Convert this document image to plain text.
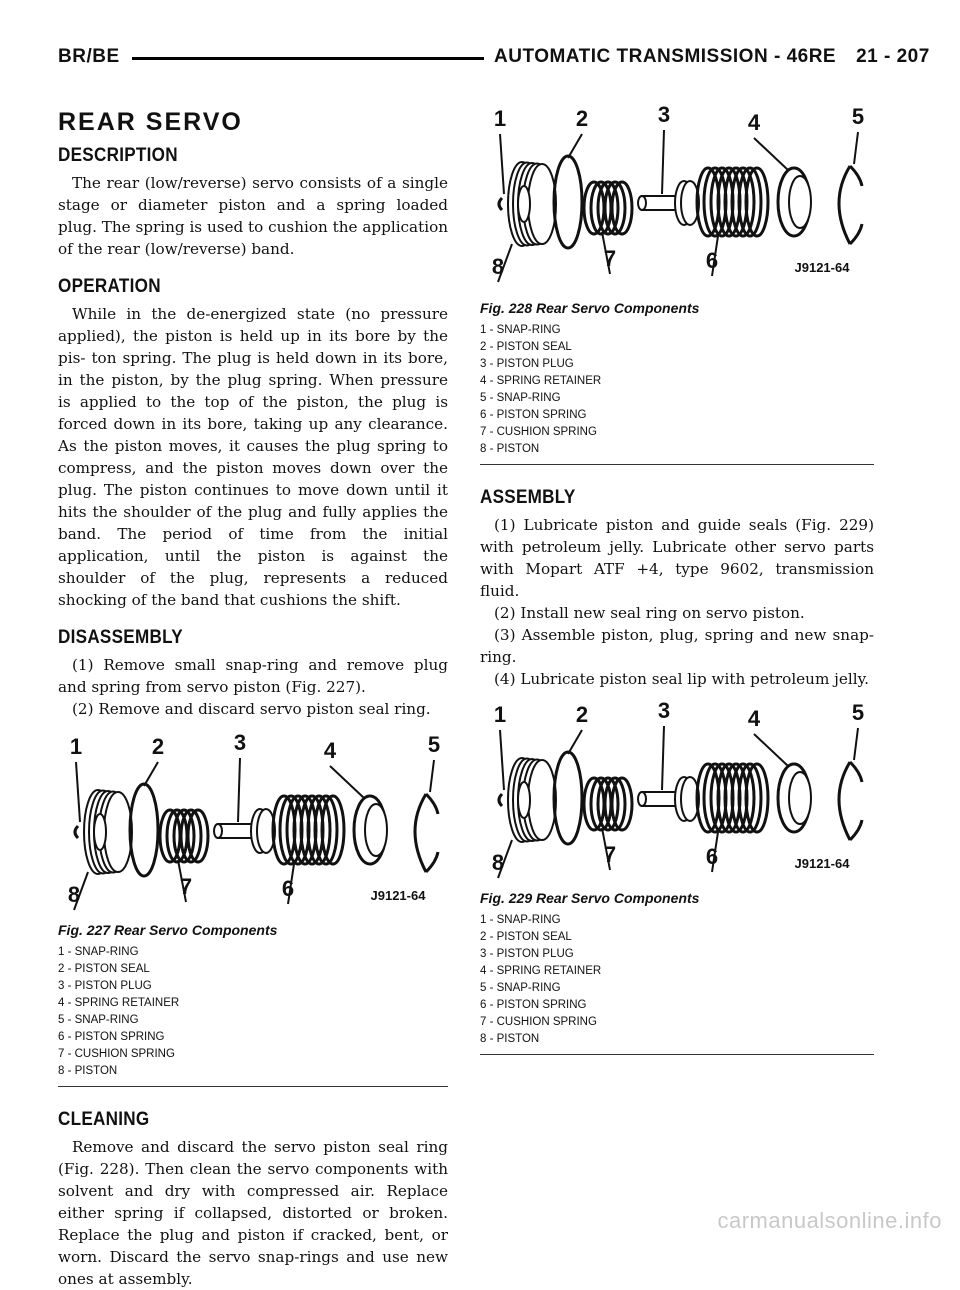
BR/BE	AUTOMATIC TRANSMISSION - 46RE 21 - 207
REAR SERVO
DESCRIPTION

The rear (low/reverse) servo consists of a single stage or diameter piston and a spring loaded plug. The spring is used to cushion the application of the rear (low/reverse) band.

OPERATION

While in the de-energized state (no pressure applied), the piston is held up in its bore by the pis- ton spring. The plug is held down in its bore, in the piston, by the plug spring. When pressure is applied to the top of the piston, the plug is forced down in its bore, taking up any clearance. As the piston moves, it causes the plug spring to compress, and the piston moves down over the plug. The piston continues to move down until it hits the shoulder of the plug and fully applies the band. The period of time from the initial application, until the piston is against the shoulder of the plug, represents a reduced shocking of the band that cushions the shift.

DISASSEMBLY

(1) Remove small snap-ring and remove plug and spring from servo piston (Fig. 227).

(2) Remove and discard servo piston seal ring.

1	2	3	4	5
6
7
8	J9121-64
Fig. 227 Rear Servo Components
1 - SNAP-RING
2 - PISTON SEAL
3 - PISTON PLUG
4 - SPRING RETAINER
5 - SNAP-RING
6 - PISTON SPRING
7 - CUSHION SPRING
8 - PISTON
CLEANING

Remove and discard the servo piston seal ring (Fig. 228). Then clean the servo components with solvent and dry with compressed air. Replace either spring if collapsed, distorted or broken. Replace the plug and piston if cracked, bent, or worn. Discard the servo snap-rings and use new ones at assembly.

1	2	3	4	5
6
7
8	J9121-64
Fig. 228 Rear Servo Components
1 - SNAP-RING
2 - PISTON SEAL
3 - PISTON PLUG
4 - SPRING RETAINER
5 - SNAP-RING
6 - PISTON SPRING
7 - CUSHION SPRING
8 - PISTON
ASSEMBLY

(1) Lubricate piston and guide seals (Fig. 229) with petroleum jelly. Lubricate other servo parts with Mopart ATF +4, type 9602, transmission fluid.

(2) Install new seal ring on servo piston.

(3) Assemble piston, plug, spring and new snap- ring.

(4) Lubricate piston seal lip with petroleum jelly.

1	2	3	4	5
6
7
8	J9121-64
Fig. 229 Rear Servo Components
1 - SNAP-RING
2 - PISTON SEAL
3 - PISTON PLUG
4 - SPRING RETAINER
5 - SNAP-RING
6 - PISTON SPRING
7 - CUSHION SPRING
8 - PISTON
carmanualsonline.info
